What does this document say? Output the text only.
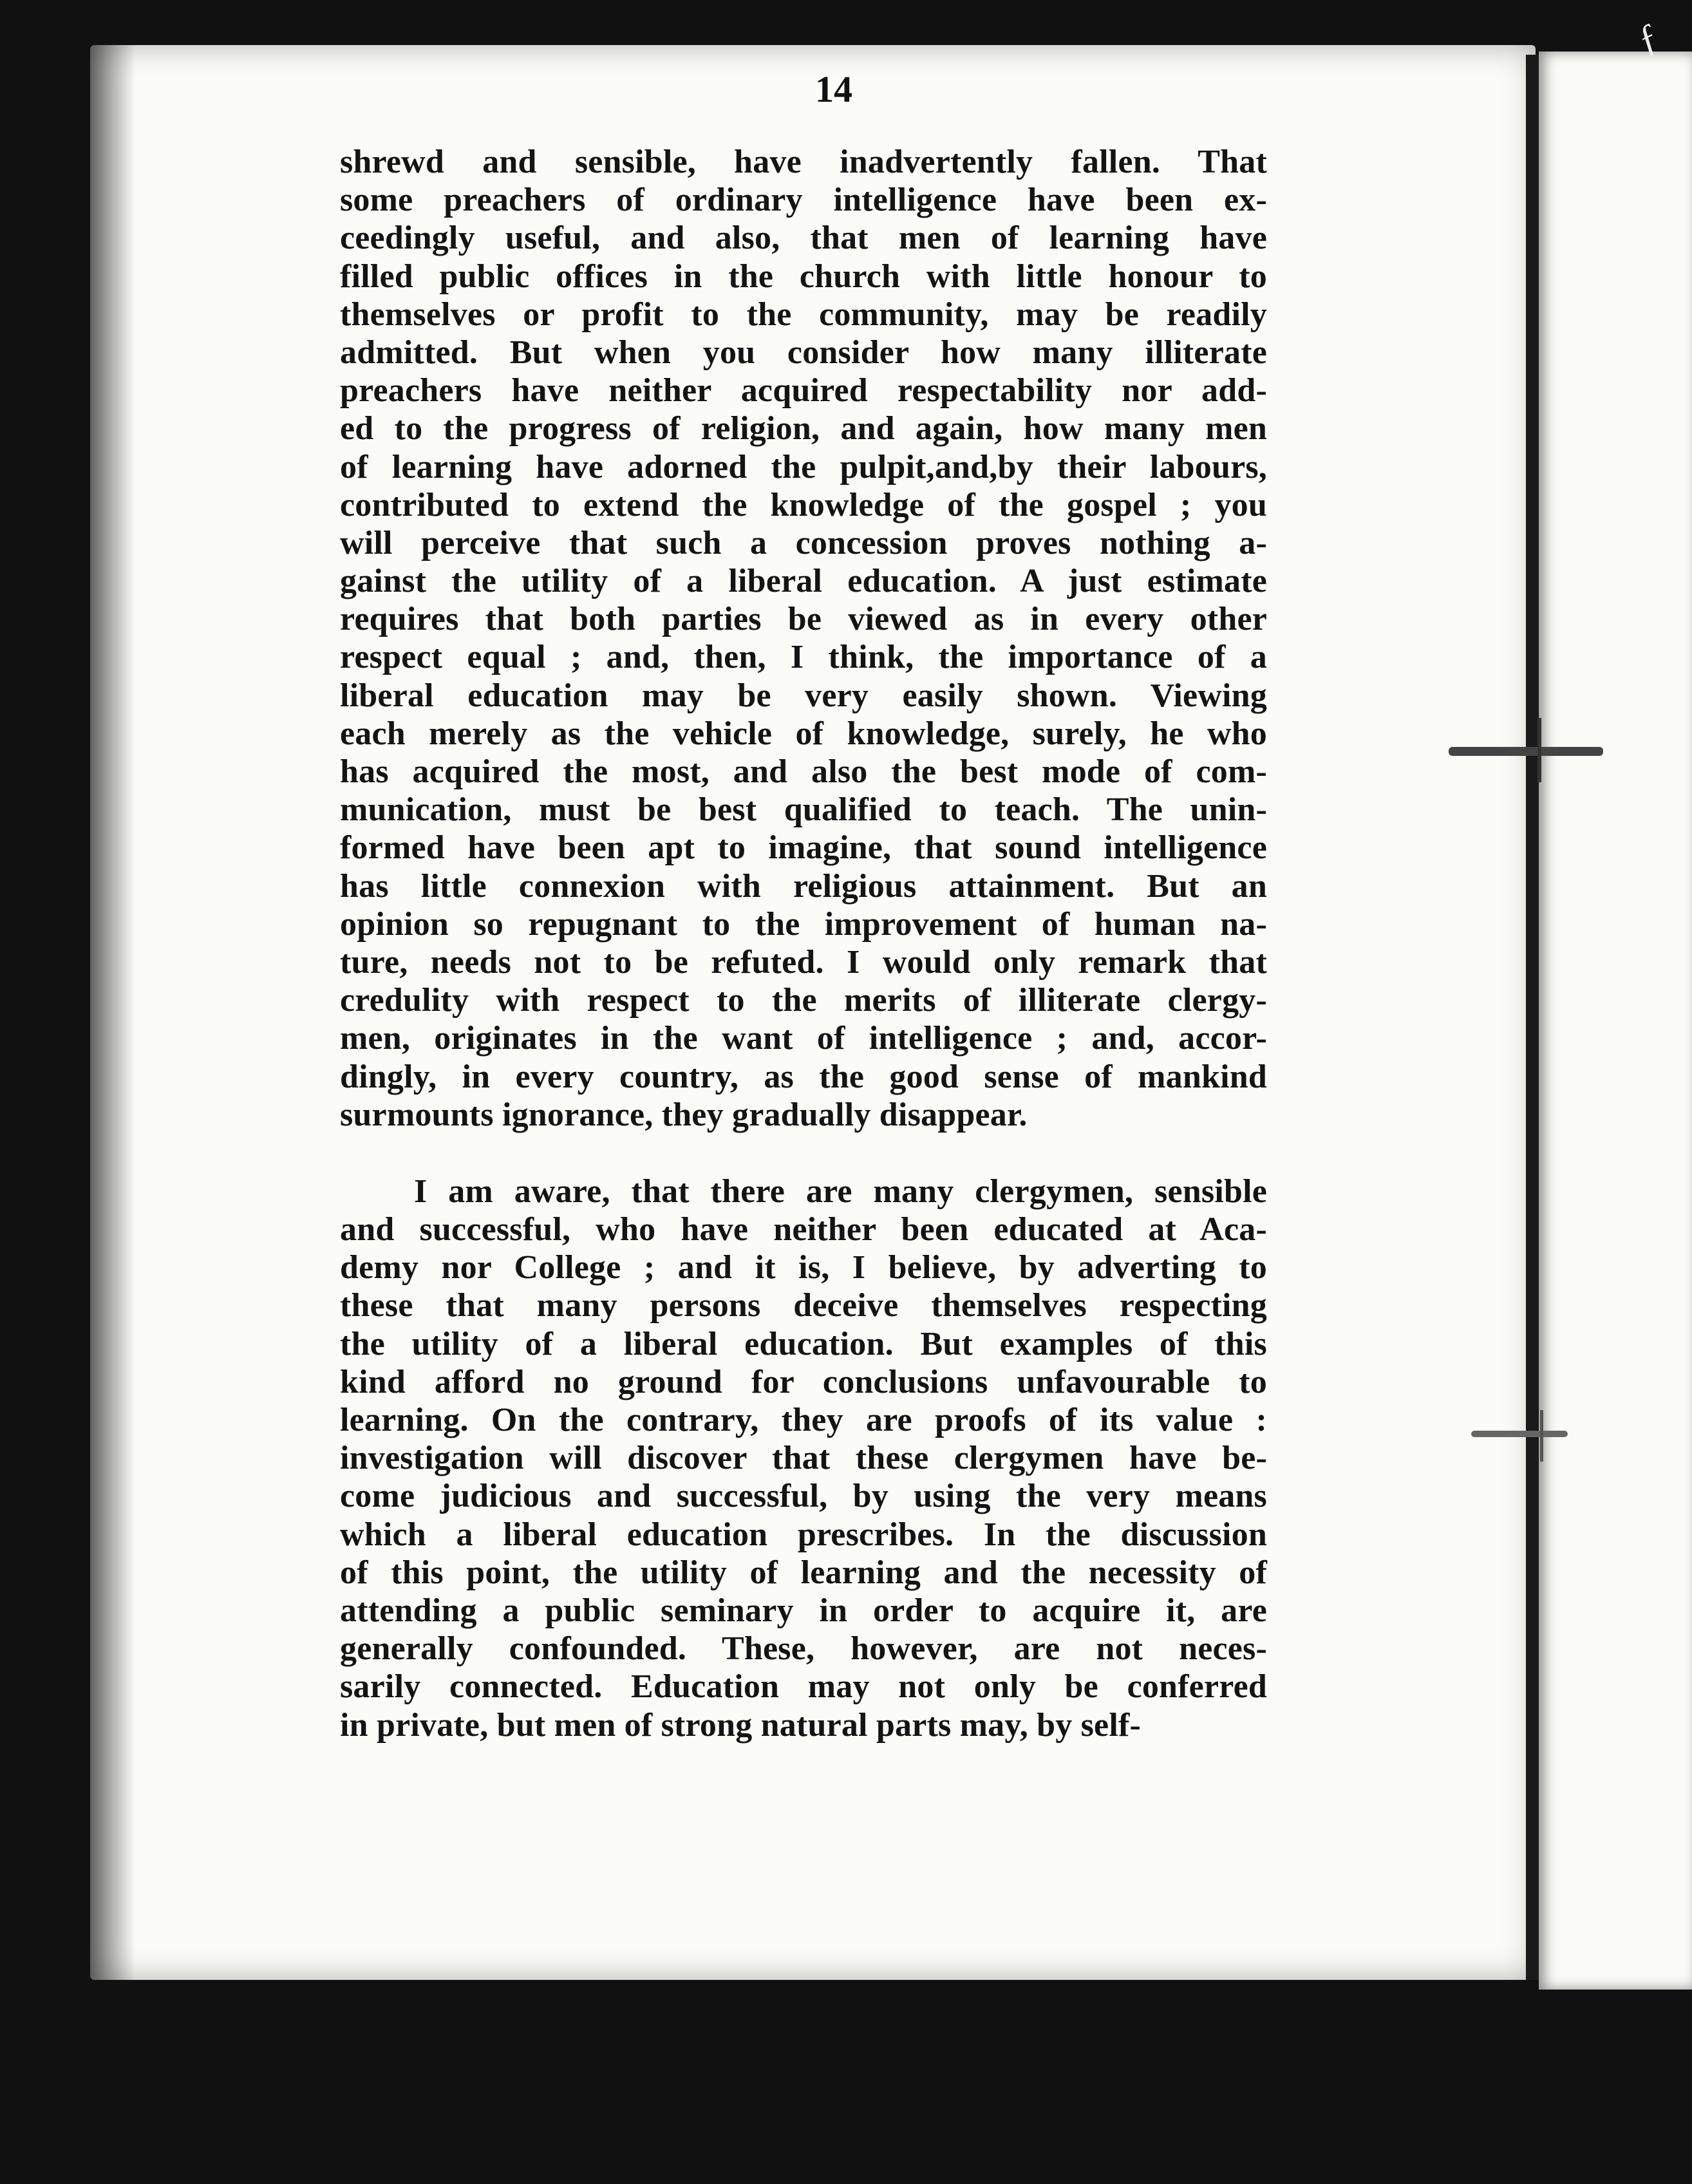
14
shrewd and sensible, have inadvertently fallen. That
some preachers of ordinary intelligence have been ex-
ceedingly useful, and also, that men of learning have
filled public offices in the church with little honour to
themselves or profit to the community, may be readily
admitted. But when you consider how many illiterate
preachers have neither acquired respectability nor add-
ed to the progress of religion, and again, how many men
of learning have adorned the pulpit,and,by their labours,
contributed to extend the knowledge of the gospel ; you
will perceive that such a concession proves nothing a-
gainst the utility of a liberal education. A just estimate
requires that both parties be viewed as in every other
respect equal ; and, then, I think, the importance of a
liberal education may be very easily shown. Viewing
each merely as the vehicle of knowledge, surely, he who
has acquired the most, and also the best mode of com-
munication, must be best qualified to teach. The unin-
formed have been apt to imagine, that sound intelligence
has little connexion with religious attainment. But an
opinion so repugnant to the improvement of human na-
ture, needs not to be refuted. I would only remark that
credulity with respect to the merits of illiterate clergy-
men, originates in the want of intelligence ; and, accor-
dingly, in every country, as the good sense of mankind
surmounts ignorance, they gradually disappear.
I am aware, that there are many clergymen, sensible
and successful, who have neither been educated at Aca-
demy nor College ; and it is, I believe, by adverting to
these that many persons deceive themselves respecting
the utility of a liberal education. But examples of this
kind afford no ground for conclusions unfavourable to
learning. On the contrary, they are proofs of its value :
investigation will discover that these clergymen have be-
come judicious and successful, by using the very means
which a liberal education prescribes. In the discussion
of this point, the utility of learning and the necessity of
attending a public seminary in order to acquire it, are
generally confounded. These, however, are not neces-
sarily connected. Education may not only be conferred
in private, but men of strong natural parts may, by self-
ƒ
